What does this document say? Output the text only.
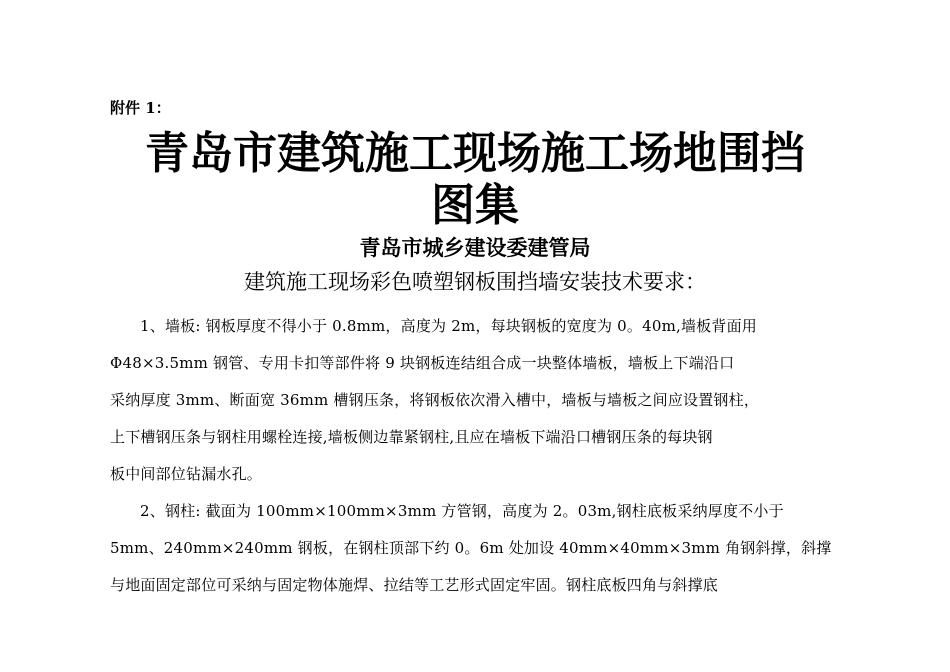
附件 1：
青岛市建筑施工现场施工场地围挡
图集
青岛市城乡建设委建管局
建筑施工现场彩色喷塑钢板围挡墙安装技术要求：
1、墙板: 钢板厚度不得小于 0.8mm，高度为 2m，每块钢板的宽度为 0。40m,墙板背面用
Φ48×3.5mm 钢管、专用卡扣等部件将 9 块钢板连结组合成一块整体墙板，墙板上下端沿口
采纳厚度 3mm、断面宽 36mm 槽钢压条，将钢板依次滑入槽中，墙板与墙板之间应设置钢柱，
上下槽钢压条与钢柱用螺栓连接,墙板侧边靠紧钢柱,且应在墙板下端沿口槽钢压条的每块钢
板中间部位钻漏水孔。
2、钢柱: 截面为 100mm×100mm×3mm 方管钢，高度为 2。03m,钢柱底板采纳厚度不小于
5mm、240mm×240mm 钢板，在钢柱顶部下约 0。6m 处加设 40mm×40mm×3mm 角钢斜撑，斜撑
与地面固定部位可采纳与固定物体施焊、拉结等工艺形式固定牢固。钢柱底板四角与斜撑底
